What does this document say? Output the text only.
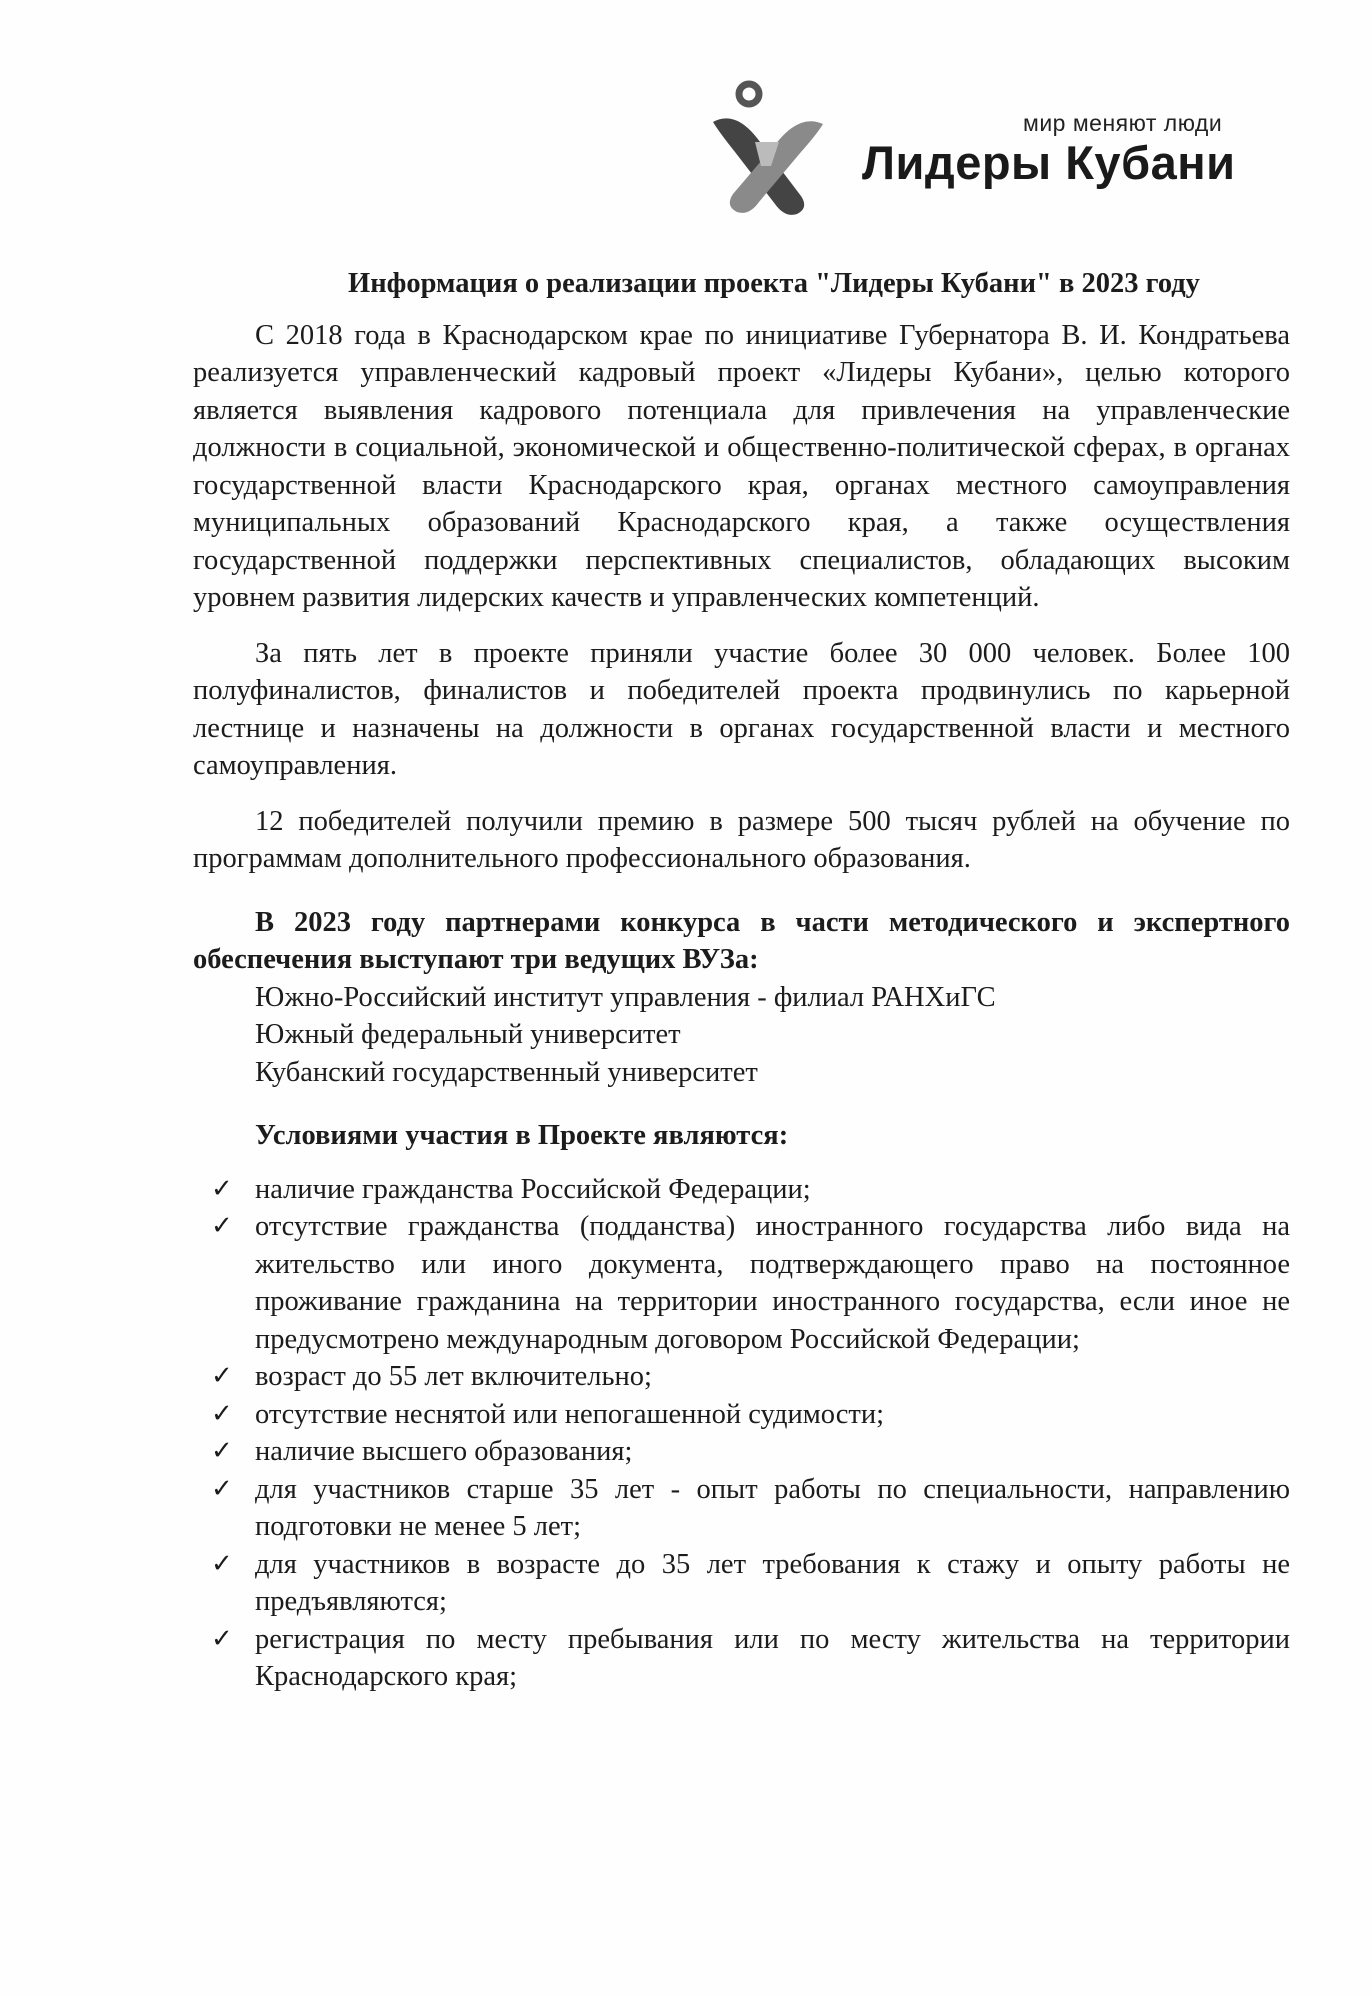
мир меняют люди
Лидеры Кубани
Информация о реализации проекта "Лидеры Кубани" в 2023 году

С 2018 года в Краснодарском крае по инициативе Губернатора В. И. Кондратьева реализуется управленческий кадровый проект «Лидеры Кубани», целью которого является выявления кадрового потенциала для привлечения на управленческие должности в социальной, экономической и общественно-политической сферах, в органах государственной власти Краснодарского края, органах местного самоуправления муниципальных образований Краснодарского края, а также осуществления государственной поддержки перспективных специалистов, обладающих высоким уровнем развития лидерских качеств и управленческих компетенций.

За пять лет в проекте приняли участие более 30 000 человек. Более 100 полуфиналистов, финалистов и победителей проекта продвинулись по карьерной лестнице и назначены на должности в органах государственной власти и местного самоуправления.

12 победителей получили премию в размере 500 тысяч рублей на обучение по программам дополнительного профессионального образования.

В 2023 году партнерами конкурса в части методического и экспертного обеспечения выступают три ведущих ВУЗа:

Южно-Российский институт управления - филиал РАНХиГС
Южный федеральный университет
Кубанский государственный университет
Условиями участия в Проекте являются:
✓ наличие гражданства Российской Федерации;
✓ отсутствие гражданства (подданства) иностранного государства либо вида на жительство или иного документа, подтверждающего право на постоянное проживание гражданина на территории иностранного государства, если иное не предусмотрено международным договором Российской Федерации;
✓ возраст до 55 лет включительно;
✓ отсутствие неснятой или непогашенной судимости;
✓ наличие высшего образования;
✓ для участников старше 35 лет - опыт работы по специальности, направлению подготовки не менее 5 лет;
✓ для участников в возрасте до 35 лет требования к стажу и опыту работы не предъявляются;
✓ регистрация по месту пребывания или по месту жительства на территории Краснодарского края;
